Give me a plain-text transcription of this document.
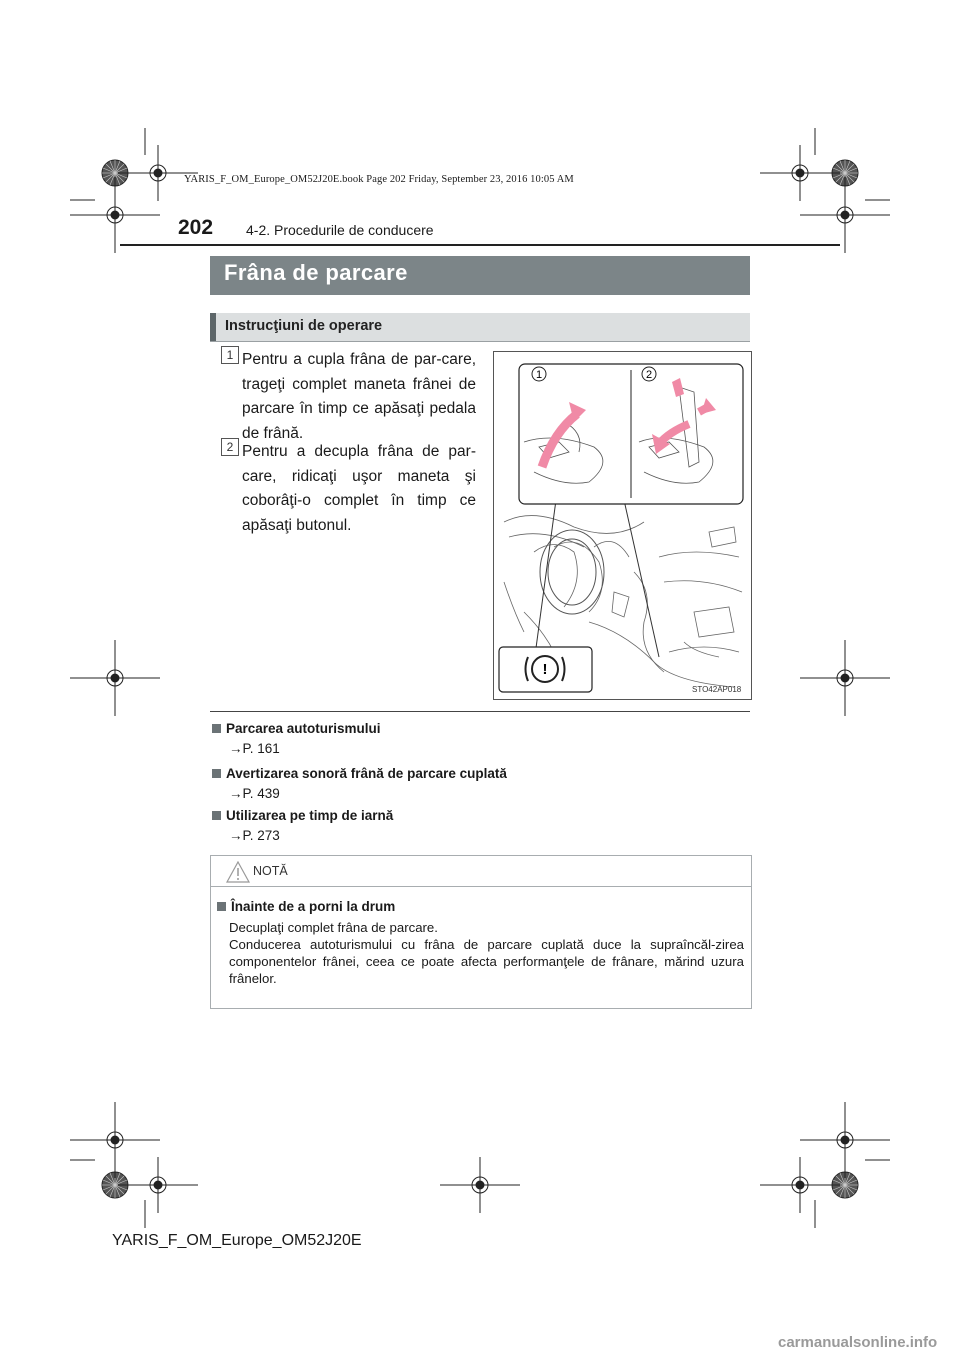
YARIS_F_OM_Europe_OM52J20E.book Page 202 Friday, September 23, 2016 10:05 AM
202 4-2. Procedurile de conducere
Frâna de parcare
Instrucţiuni de operare
1 Pentru a cupla frâna de par-care, trageţi complet maneta frânei de parcare în timp ce apăsaţi pedala de frână.
2 Pentru a decupla frâna de par-care, ridicaţi uşor maneta şi coborâţi-o complet în timp ce apăsaţi butonul.
1	2
!
STO42AP018
Parcarea autoturismului
→P. 161
Avertizarea sonoră frână de parcare cuplată
→P. 439
Utilizarea pe timp de iarnă
→P. 273
NOTĂ
Înainte de a porni la drum
Decuplaţi complet frâna de parcare.
Conducerea autoturismului cu frâna de parcare cuplată duce la supraîncăl-zirea componentelor frânei, ceea ce poate afecta performanţele de frânare, mărind uzura frânelor.
YARIS_F_OM_Europe_OM52J20E
carmanualsonline.info
